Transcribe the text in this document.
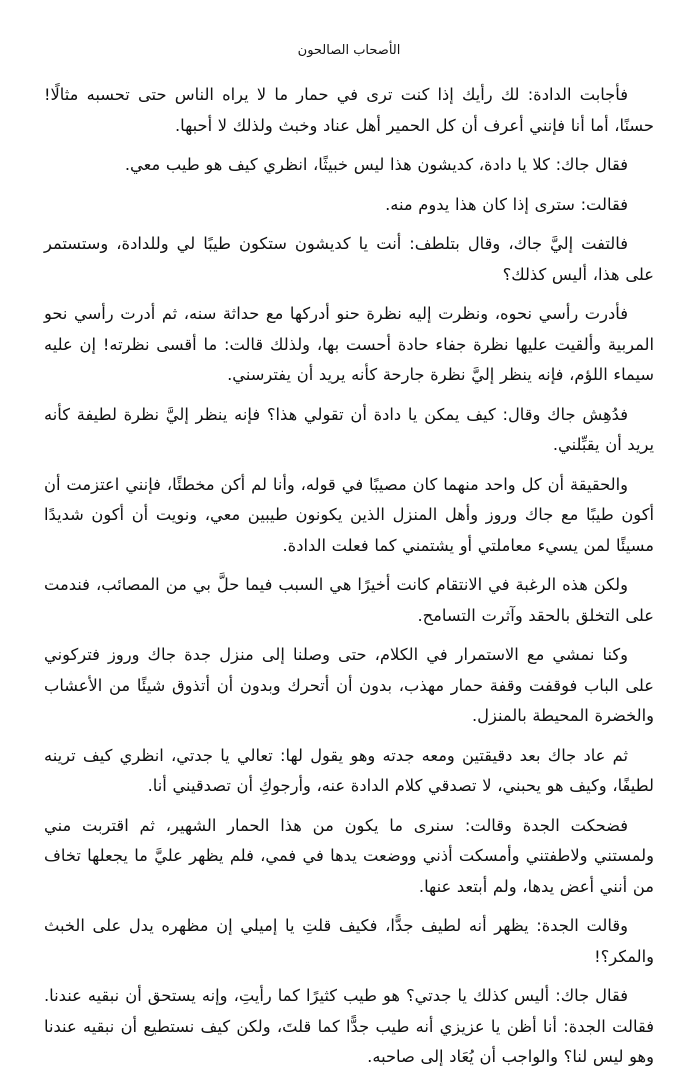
الأصحاب الصالحون

فأجابت الدادة: لك رأيك إذا كنت ترى في حمار ما لا يراه الناس حتى تحسبه مثالًا! حسنًا، أما أنا فإنني أعرف أن كل الحمير أهل عناد وخبث ولذلك لا أحبها.

فقال جاك: كلا يا دادة، كديشون هذا ليس خبيثًا، انظري كيف هو طيب معي.

فقالت: سترى إذا كان هذا يدوم منه.

فالتفت إليَّ جاك، وقال بتلطف: أنت يا كديشون ستكون طيبًا لي وللدادة، وستستمر على هذا، أليس كذلك؟

فأدرت رأسي نحوه، ونظرت إليه نظرة حنو أدركها مع حداثة سنه، ثم أدرت رأسي نحو المربية وألقيت عليها نظرة جفاء حادة أحست بها، ولذلك قالت: ما أقسى نظرته! إن عليه سيماء اللؤم، فإنه ينظر إليَّ نظرة جارحة كأنه يريد أن يفترسني.

فدُهِش جاك وقال: كيف يمكن يا دادة أن تقولي هذا؟ فإنه ينظر إليَّ نظرة لطيفة كأنه يريد أن يقبِّلني.

والحقيقة أن كل واحد منهما كان مصيبًا في قوله، وأنا لم أكن مخطئًا، فإنني اعتزمت أن أكون طيبًا مع جاك وروز وأهل المنزل الذين يكونون طيبين معي، ونويت أن أكون شديدًا مسيئًا لمن يسيء معاملتي أو يشتمني كما فعلت الدادة.

ولكن هذه الرغبة في الانتقام كانت أخيرًا هي السبب فيما حلَّ بي من المصائب، فندمت على التخلق بالحقد وآثرت التسامح.

وكنا نمشي مع الاستمرار في الكلام، حتى وصلنا إلى منزل جدة جاك وروز فتركوني على الباب فوقفت وقفة حمار مهذب، بدون أن أتحرك وبدون أن أتذوق شيئًا من الأعشاب والخضرة المحيطة بالمنزل.

ثم عاد جاك بعد دقيقتين ومعه جدته وهو يقول لها: تعالي يا جدتي، انظري كيف ترينه لطيفًا، وكيف هو يحبني، لا تصدقي كلام الدادة عنه، وأرجوكِ أن تصدقيني أنا.

فضحكت الجدة وقالت: سنرى ما يكون من هذا الحمار الشهير، ثم اقتربت مني ولمستني ولاطفتني وأمسكت أذني ووضعت يدها في فمي، فلم يظهر عليَّ ما يجعلها تخاف من أنني أعض يدها، ولم أبتعد عنها.

وقالت الجدة: يظهر أنه لطيف جدًّا، فكيف قلتِ يا إميلي إن مظهره يدل على الخبث والمكر؟!

فقال جاك: أليس كذلك يا جدتي؟ هو طيب كثيرًا كما رأيتِ، وإنه يستحق أن نبقيه عندنا. فقالت الجدة: أنا أظن يا عزيزي أنه طيب جدًّا كما قلتَ، ولكن كيف نستطيع أن نبقيه عندنا وهو ليس لنا؟ والواجب أن يُعَاد إلى صاحبه.
